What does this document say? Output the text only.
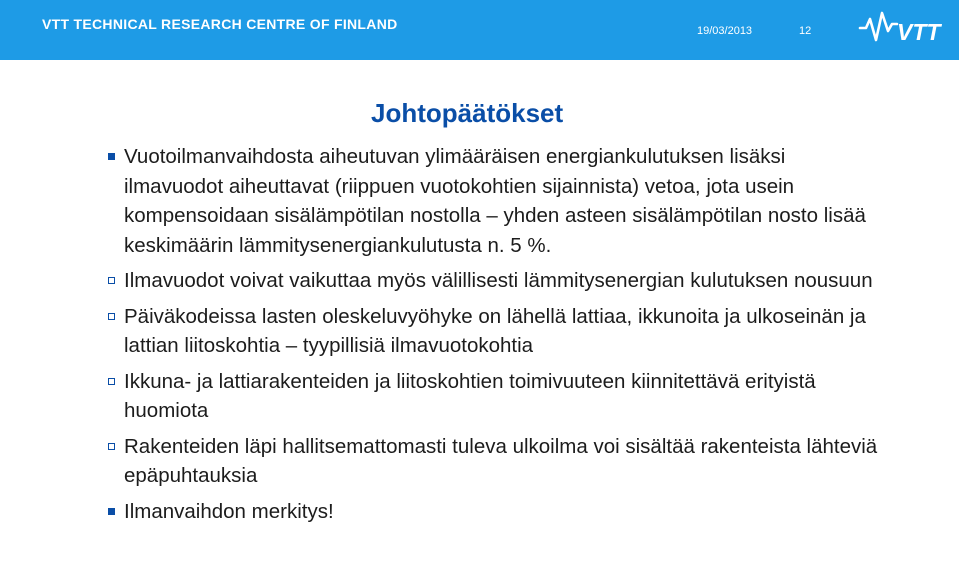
VTT TECHNICAL RESEARCH CENTRE OF FINLAND	19/03/2013	12	VTT
Johtopäätökset
Vuotoilmanvaihdosta aiheutuvan ylimääräisen energiankulutuksen lisäksi ilmavuodot aiheuttavat (riippuen vuotokohtien sijainnista) vetoa, jota usein kompensoidaan sisälämpötilan nostolla – yhden asteen sisälämpötilan nosto lisää keskimäärin lämmitysenergiankulutusta n. 5 %.
Ilmavuodot voivat vaikuttaa myös välillisesti lämmitysenergian kulutuksen nousuun
Päiväkodeissa lasten oleskeluvyöhyke on lähellä lattiaa, ikkunoita ja ulkoseinän ja lattian liitoskohtia – tyypillisiä ilmavuotokohtia
Ikkuna- ja lattiarakenteiden ja liitoskohtien toimivuuteen kiinnitettävä erityistä huomiota
Rakenteiden läpi hallitsemattomasti tuleva ulkoilma voi sisältää rakenteista lähteviä epäpuhtauksia
Ilmanvaihdon merkitys!
